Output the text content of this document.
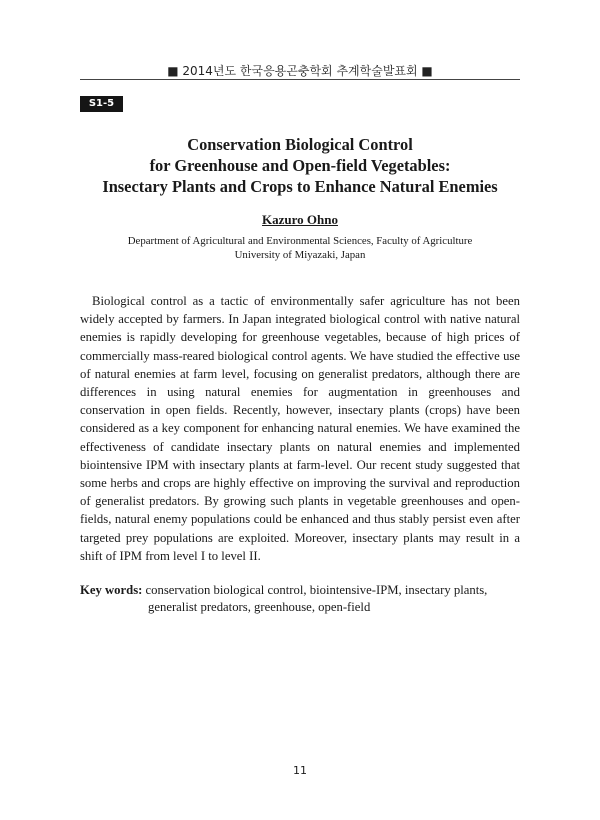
■ 2014년도 한국응용곤충학회 추계학술발표회 ■
S1-5
Conservation Biological Control
for Greenhouse and Open-field Vegetables:
Insectary Plants and Crops to Enhance Natural Enemies
Kazuro Ohno
Department of Agricultural and Environmental Sciences, Faculty of Agriculture
University of Miyazaki, Japan

Biological control as a tactic of environmentally safer agriculture has not been widely accepted by farmers. In Japan integrated biological control with native natural enemies is rapidly developing for greenhouse vegetables, because of high prices of commercially mass-reared biological control agents. We have studied the effective use of natural enemies at farm level, focusing on generalist predators, although there are differences in using natural enemies for augmentation in greenhouses and conservation in open fields. Recently, however, insectary plants (crops) have been considered as a key component for enhancing natural enemies. We have examined the effectiveness of candidate insectary plants on natural enemies and implemented biointensive IPM with insectary plants at farm-level. Our recent study suggested that some herbs and crops are highly effective on improving the survival and reproduction of generalist predators. By growing such plants in vegetable greenhouses and open-fields, natural enemy populations could be enhanced and thus stably persist even after targeted prey populations are exploited. Moreover, insectary plants may result in a shift of IPM from level I to level II.

Key words: conservation biological control, biointensive-IPM, insectary plants, generalist predators, greenhouse, open-field

11
